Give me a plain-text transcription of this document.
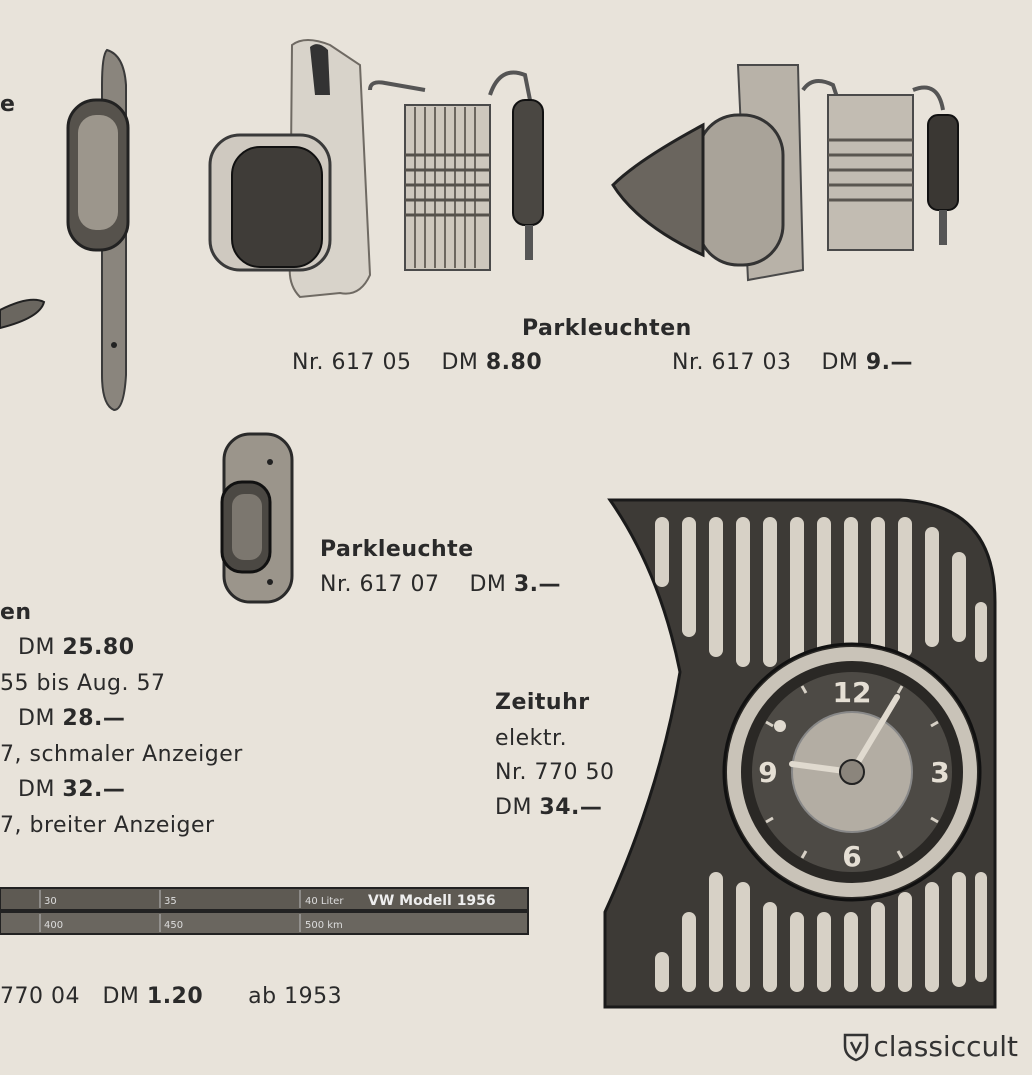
30	35	40 Liter VW Modell 1956
400	450	500 km
12
3
6
9
e
Parkleuchten
Nr. 617 05 DM 8.80	Nr. 617 03 DM 9.—
Parkleuchte
Nr. 617 07 DM 3.—
en
DM 25.80
55 bis Aug. 57
DM 28.—
7, schmaler Anzeiger
DM 32.—
7, breiter Anzeiger
Zeituhr
elektr.
Nr. 770 50
DM 34.—
770 04 DM 1.20 ab 1953
classiccult
